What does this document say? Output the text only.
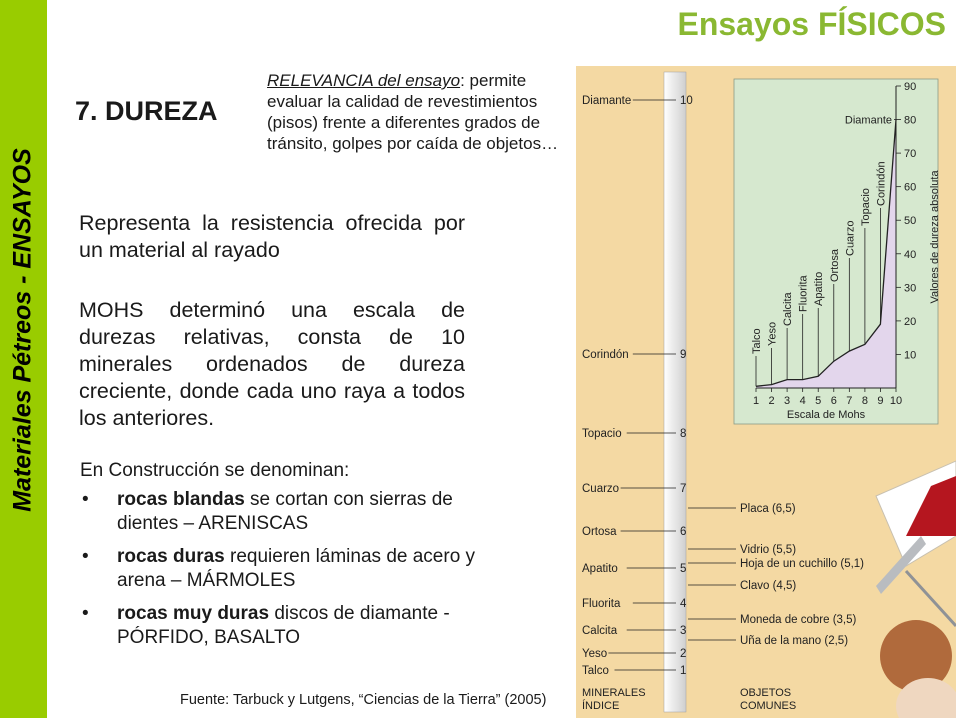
Materiales Pétreos - ENSAYOS
Ensayos FÍSICOS
7. DUREZA
RELEVANCIA del ensayo: permite
evaluar la calidad de revestimientos
(pisos) frente a diferentes grados de
tránsito, golpes por caída de objetos…
Representa la resistencia ofrecida por un material al rayado
MOHS determinó una escala de durezas relativas, consta de 10 minerales ordenados de dureza creciente, donde cada uno raya a todos los anteriores.
En Construcción se denominan:
• rocas blandas se cortan con sierras de dientes – ARENISCAS
• rocas duras requieren láminas de acero y arena – MÁRMOLES
• rocas muy duras discos de diamante - PÓRFIDO, BASALTO
Fuente: Tarbuck y Lutgens, “Ciencias de la Tierra” (2005)
Diamante	10
Corindón	9
Topacio	8
Cuarzo	7
Ortosa	6
Apatito	5
Fluorita	4
Calcita	3
Yeso	2
Talco	1
Placa (6,5)
Vidrio (5,5)
Hoja de un cuchillo (5,1)
Clavo (4,5)
Moneda de cobre (3,5)
Uña de la mano (2,5)
MINERALES
ÍNDICE
OBJETOS
COMUNES
10
20
30
40
50
60
70
80
90
1 2 3 4 5 6 7 8 9 10
Escala de Mohs
Valores de dureza absoluta
Talco Yeso
Calcita Fluorita Apatito
Ortosa
Cuarzo
Topacio
Corindón
Diamante
